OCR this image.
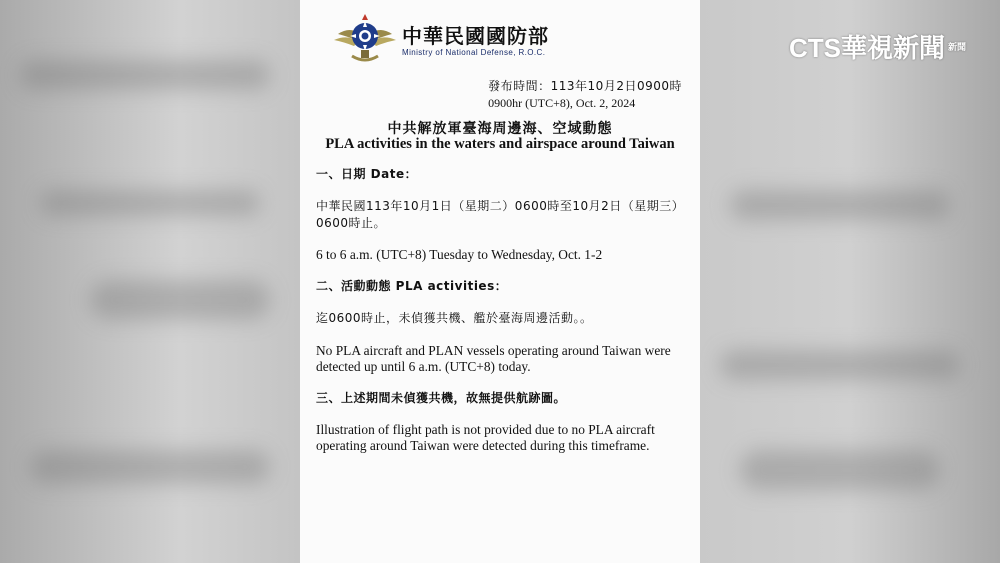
CTS華視新聞 新聞
中華民國國防部
Ministry of National Defense, R.O.C.
發布時間：113年10月2日0900時
0900hr (UTC+8), Oct. 2, 2024
中共解放軍臺海周邊海、空域動態
PLA activities in the waters and airspace around Taiwan
一、日期 Date：
中華民國113年10月1日（星期二）0600時至10月2日（星期三）0600時止。
6 to 6 a.m. (UTC+8) Tuesday to Wednesday, Oct. 1-2
二、活動動態 PLA activities：
迄0600時止，未偵獲共機、艦於臺海周邊活動。。
No PLA aircraft and PLAN vessels operating around Taiwan were detected up until 6 a.m. (UTC+8) today.
三、上述期間未偵獲共機，故無提供航跡圖。
Illustration of flight path is not provided due to no PLA aircraft operating around Taiwan were detected during this timeframe.
